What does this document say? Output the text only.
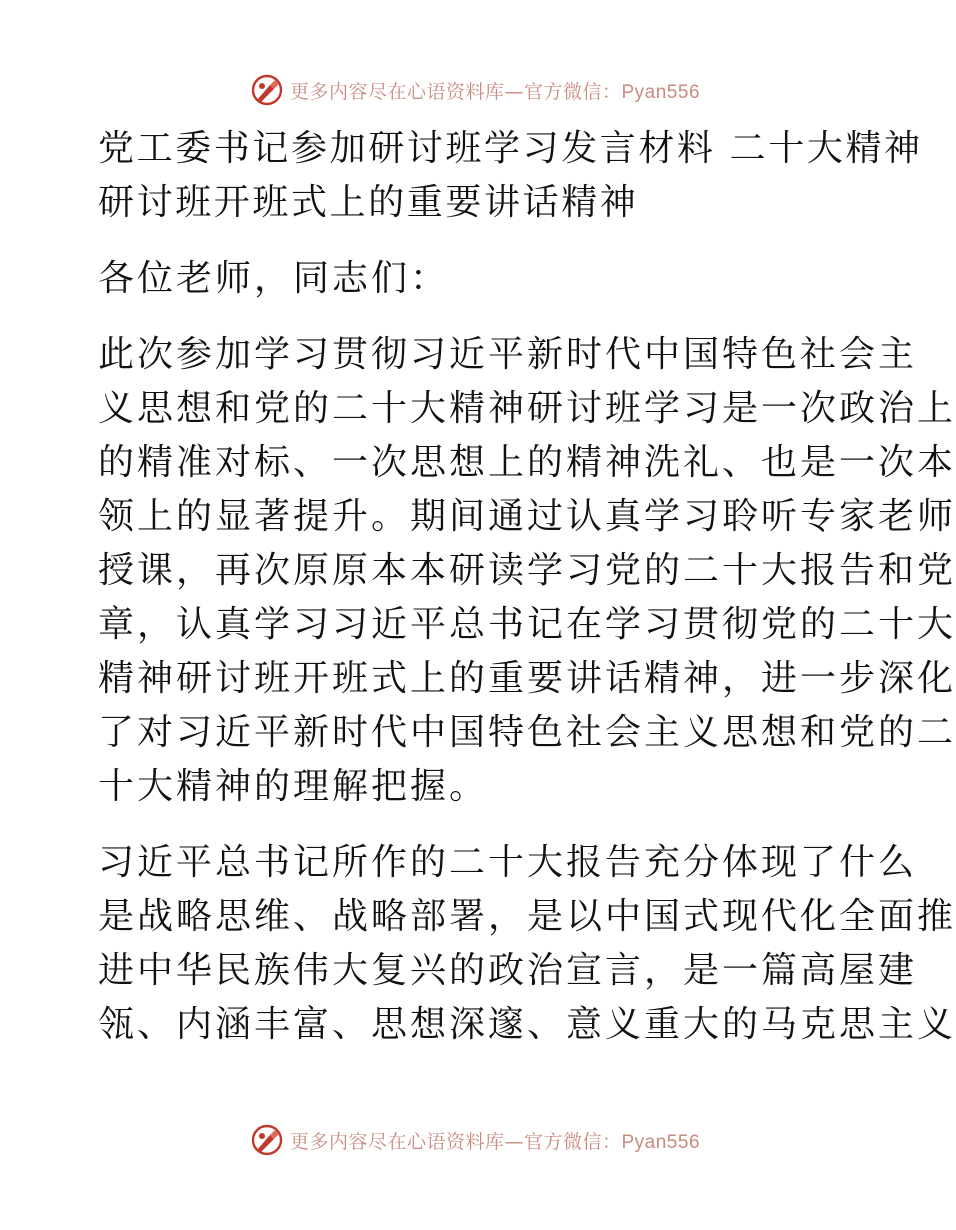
更多内容尽在心语资料库—官方微信：Pyan556
党工委书记参加研讨班学习发言材料 二十大精神
研讨班开班式上的重要讲话精神
各位老师，同志们：
此次参加学习贯彻习近平新时代中国特色社会主
义思想和党的二十大精神研讨班学习是一次政治上
的精准对标、一次思想上的精神洗礼、也是一次本
领上的显著提升。期间通过认真学习聆听专家老师
授课，再次原原本本研读学习党的二十大报告和党
章，认真学习习近平总书记在学习贯彻党的二十大
精神研讨班开班式上的重要讲话精神，进一步深化
了对习近平新时代中国特色社会主义思想和党的二
十大精神的理解把握。
习近平总书记所作的二十大报告充分体现了什么
是战略思维、战略部署，是以中国式现代化全面推
进中华民族伟大复兴的政治宣言，是一篇高屋建
瓴、内涵丰富、思想深邃、意义重大的马克思主义
更多内容尽在心语资料库—官方微信：Pyan556
